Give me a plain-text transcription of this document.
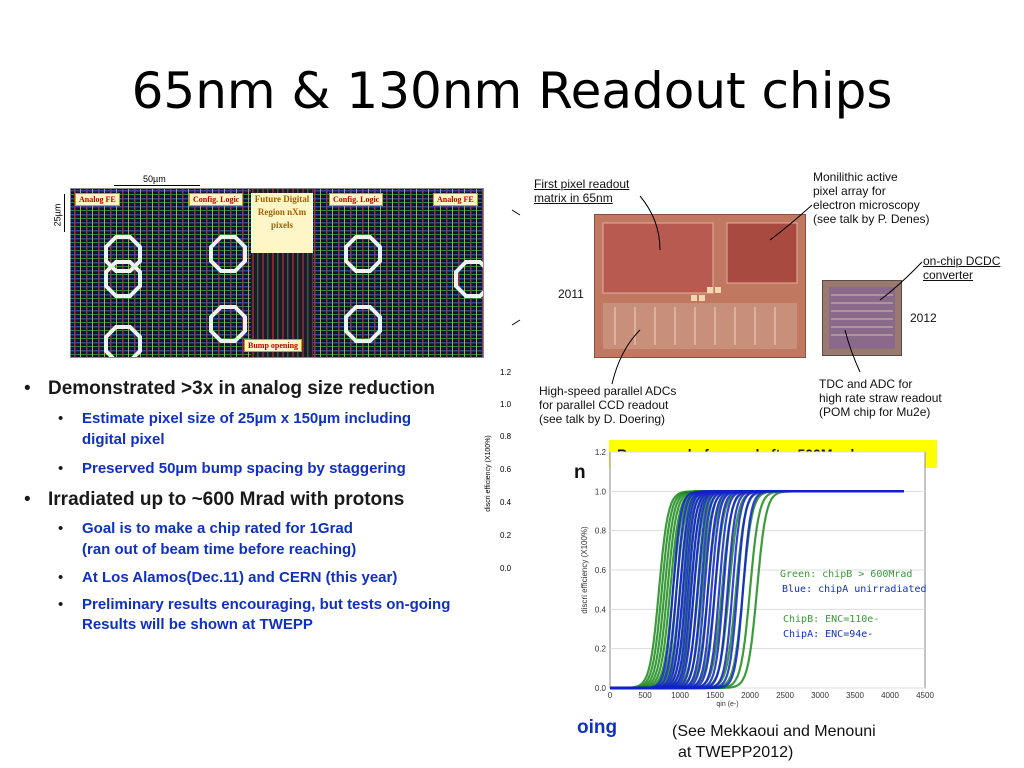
65nm & 130nm Readout chips
50µm
25µm
Analog FE	Config. Logic	Config. Logic	Analog FE
Future Digital Region nXm pixels
Bump opening
1.2
1.0
0.8
0.6
0.4
0.2
0.0
discri efficiency (X100%)
• Demonstrated >3x in analog size reduction
• Estimate pixel size of 25µm x 150µm including
digital pixel
• Preserved 50µm bump spacing by staggering
• Irradiated up to ~600 Mrad with protons
• Goal is to make a chip rated for 1Grad
(ran out of beam time before reaching)
• At Los Alamos(Dec.11) and CERN (this year)
• Preliminary results encouraging, but tests on-going
Results will be shown at TWEPP
First pixel readout matrix in 65nm
Monilithic active
pixel array for
electron microscopy
(see talk by P. Denes)
2011
2012
on-chip DCDC
converter
High-speed parallel ADCs
for parallel CCD readout
(see talk by D. Doering)
TDC and ADC for
high rate straw readout
(POM chip for Mu2e)
n
oing	(See Mekkaoui and Menouni
at TWEPP2012)
0.0
0.2
0.4
0.6
0.8
1.0
1.2
0	500 1000 1500 2000 2500 3000 3500 4000 4500
qin (e-)
discri efficiency (X100%)	Green: chipB > 600Mrad
Blue: chipA unirradiated
ChipB: ENC=110e-
ChipA: ENC=94e-
